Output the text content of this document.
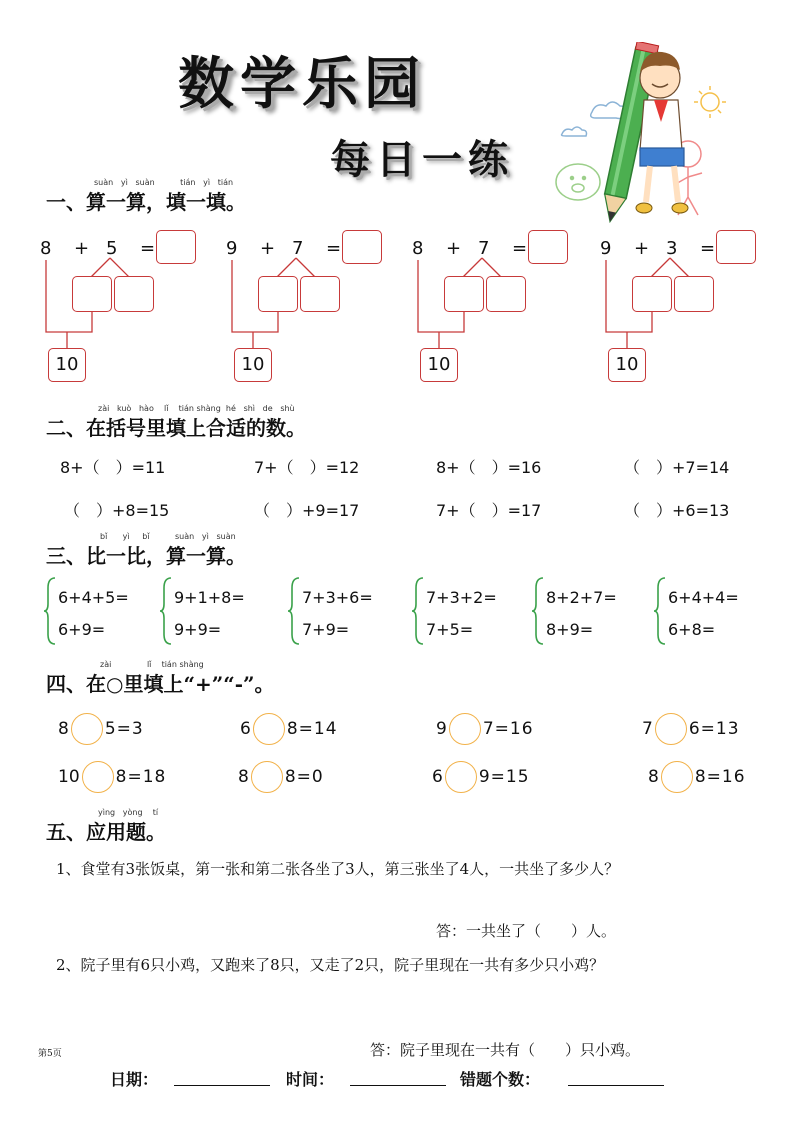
数学乐园
每日一练
suàn yì suàn	tián yì tián
一、算一算，填一填。
8 + 5 =
10
9 + 7 =
10
8 + 7 =
10
9 + 3 =
10
zài kuò hào lǐ tián shàng hé shì de shù
二、在括号里填上合适的数。
8+（　）=11	7+（　）=12	8+（　）=16	（　）+7=14
（　）+8=15	（　）+9=17	7+（　）=17	（　）+6=13
bǐ yì bǐ	suàn yì suàn
三、比一比，算一算。
6+4+5=
6+9=
9+1+8=
9+9=
7+3+6=
7+9=
7+3+2=
7+5=
8+2+7=
8+9=
6+4+4=
6+8=
zài	lǐ tián shàng
四、在○里填上“+”“-”。
8 5=3	6 8=14	9 7=16	7 6=13
10 8=18	8 8=0	6 9=15	8 8=16
yìng yòng tí
五、应用题。
1、食堂有3张饭桌，第一张和第二张各坐了3人，第三张坐了4人，一共坐了多少人？
答：一共坐了（　　）人。
2、院子里有6只小鸡，又跑来了8只，又走了2只，院子里现在一共有多少只小鸡？
答：院子里现在一共有（　　）只小鸡。
第5页
日期：	时间：	错题个数：
